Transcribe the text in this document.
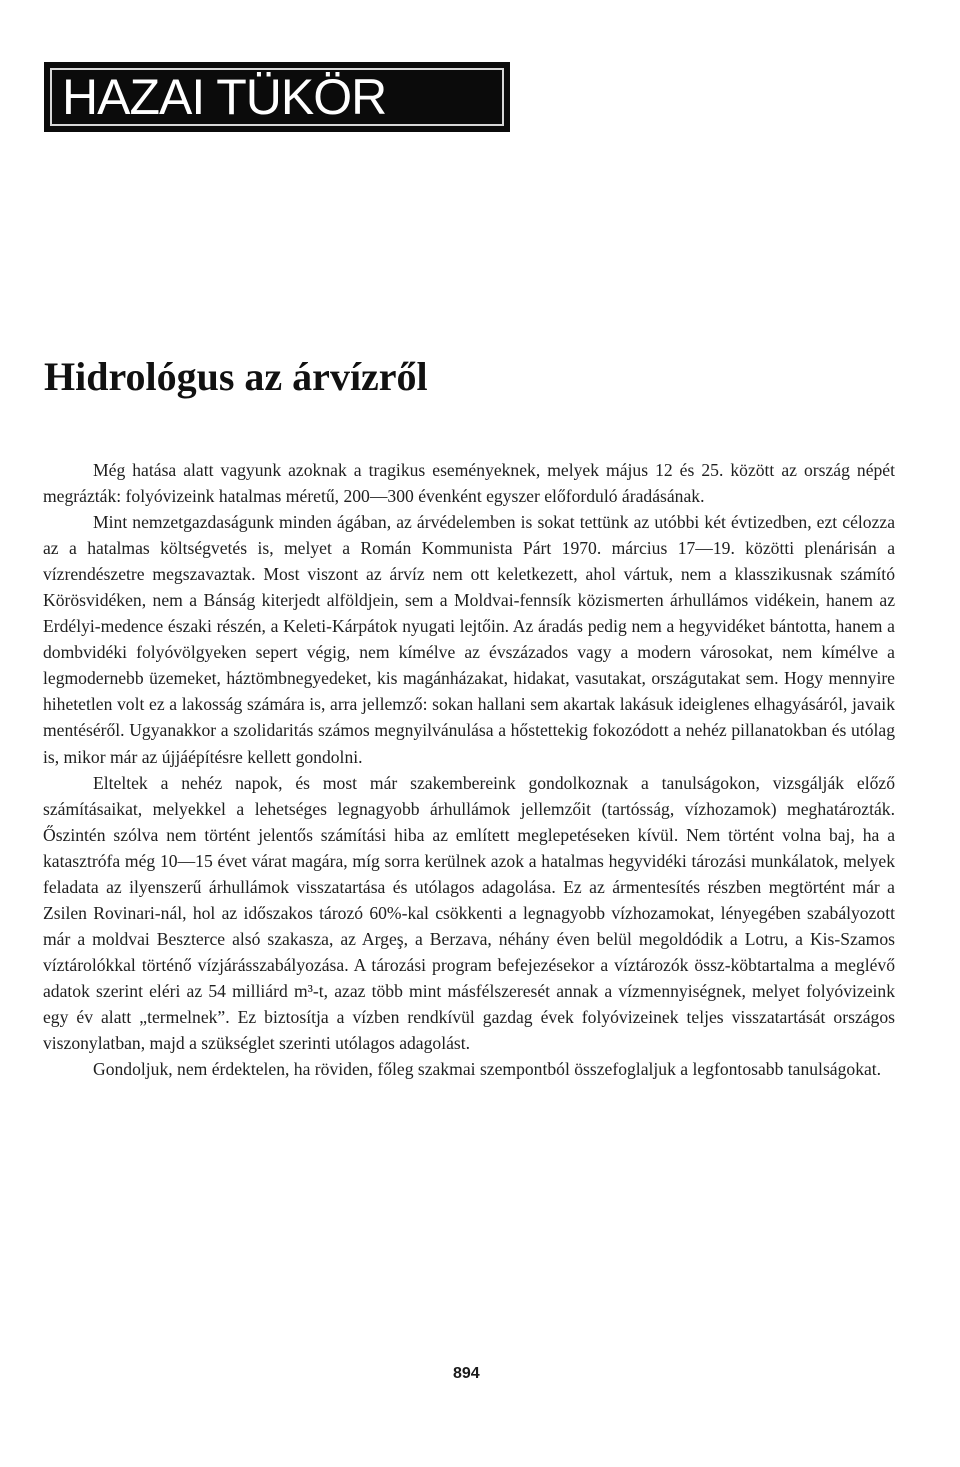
HAZAI TÜKÖR
Hidrológus az árvízről

Még hatása alatt vagyunk azoknak a tragikus eseményeknek, melyek május 12 és 25. között az ország népét megrázták: folyóvizeink hatalmas méretű, 200—300 évenként egyszer előforduló áradásának.

Mint nemzetgazdaságunk minden ágában, az árvédelemben is sokat tettünk az utóbbi két évtizedben, ezt célozza az a hatalmas költségvetés is, melyet a Román Kommunista Párt 1970. március 17—19. közötti plenárisán a vízrendészetre megszavaztak. Most viszont az árvíz nem ott keletkezett, ahol vártuk, nem a klasszikusnak számító Körösvidéken, nem a Bánság kiterjedt alföldjein, sem a Moldvai-fennsík közismerten árhullámos vidékein, hanem az Erdélyi-medence északi részén, a Keleti-Kárpátok nyugati lejtőin. Az áradás pedig nem a hegyvidéket bántotta, hanem a dombvidéki folyóvölgyeken sepert végig, nem kímélve az évszázados vagy a modern városokat, nem kímélve a legmodernebb üzemeket, háztömbnegyedeket, kis magánházakat, hidakat, vasutakat, országutakat sem. Hogy mennyire hihetetlen volt ez a lakosság számára is, arra jellemző: sokan hallani sem akartak lakásuk ideiglenes elhagyásáról, javaik mentéséről. Ugyanakkor a szolidaritás számos megnyilvánulása a hőstettekig fokozódott a nehéz pillanatokban és utólag is, mikor már az újjáépítésre kellett gondolni.

Elteltek a nehéz napok, és most már szakembereink gondolkoznak a tanulságokon, vizsgálják előző számításaikat, melyekkel a lehetséges legnagyobb árhullámok jellemzőit (tartósság, vízhozamok) meghatározták. Őszintén szólva nem történt jelentős számítási hiba az említett meglepetéseken kívül. Nem történt volna baj, ha a katasztrófa még 10—15 évet várat magára, míg sorra kerülnek azok a hatalmas hegyvidéki tározási munkálatok, melyek feladata az ilyenszerű árhullámok visszatartása és utólagos adagolása. Ez az ármentesítés részben megtörtént már a Zsilen Rovinari-nál, hol az időszakos tározó 60%-kal csökkenti a legnagyobb vízhozamokat, lényegében szabályozott már a moldvai Beszterce alsó szakasza, az Argeş, a Berzava, néhány éven belül megoldódik a Lotru, a Kis-Szamos víztárolókkal történő vízjárásszabályozása. A tározási program befejezésekor a víztározók össz-köbtartalma a meglévő adatok szerint eléri az 54 milliárd m³-t, azaz több mint másfélszeresét annak a vízmennyiségnek, melyet folyóvizeink egy év alatt „termelnek”. Ez biztosítja a vízben rendkívül gazdag évek folyóvizeinek teljes visszatartását országos viszonylatban, majd a szükséglet szerinti utólagos adagolást.

Gondoljuk, nem érdektelen, ha röviden, főleg szakmai szempontból összefoglaljuk a legfontosabb tanulságokat.

894
